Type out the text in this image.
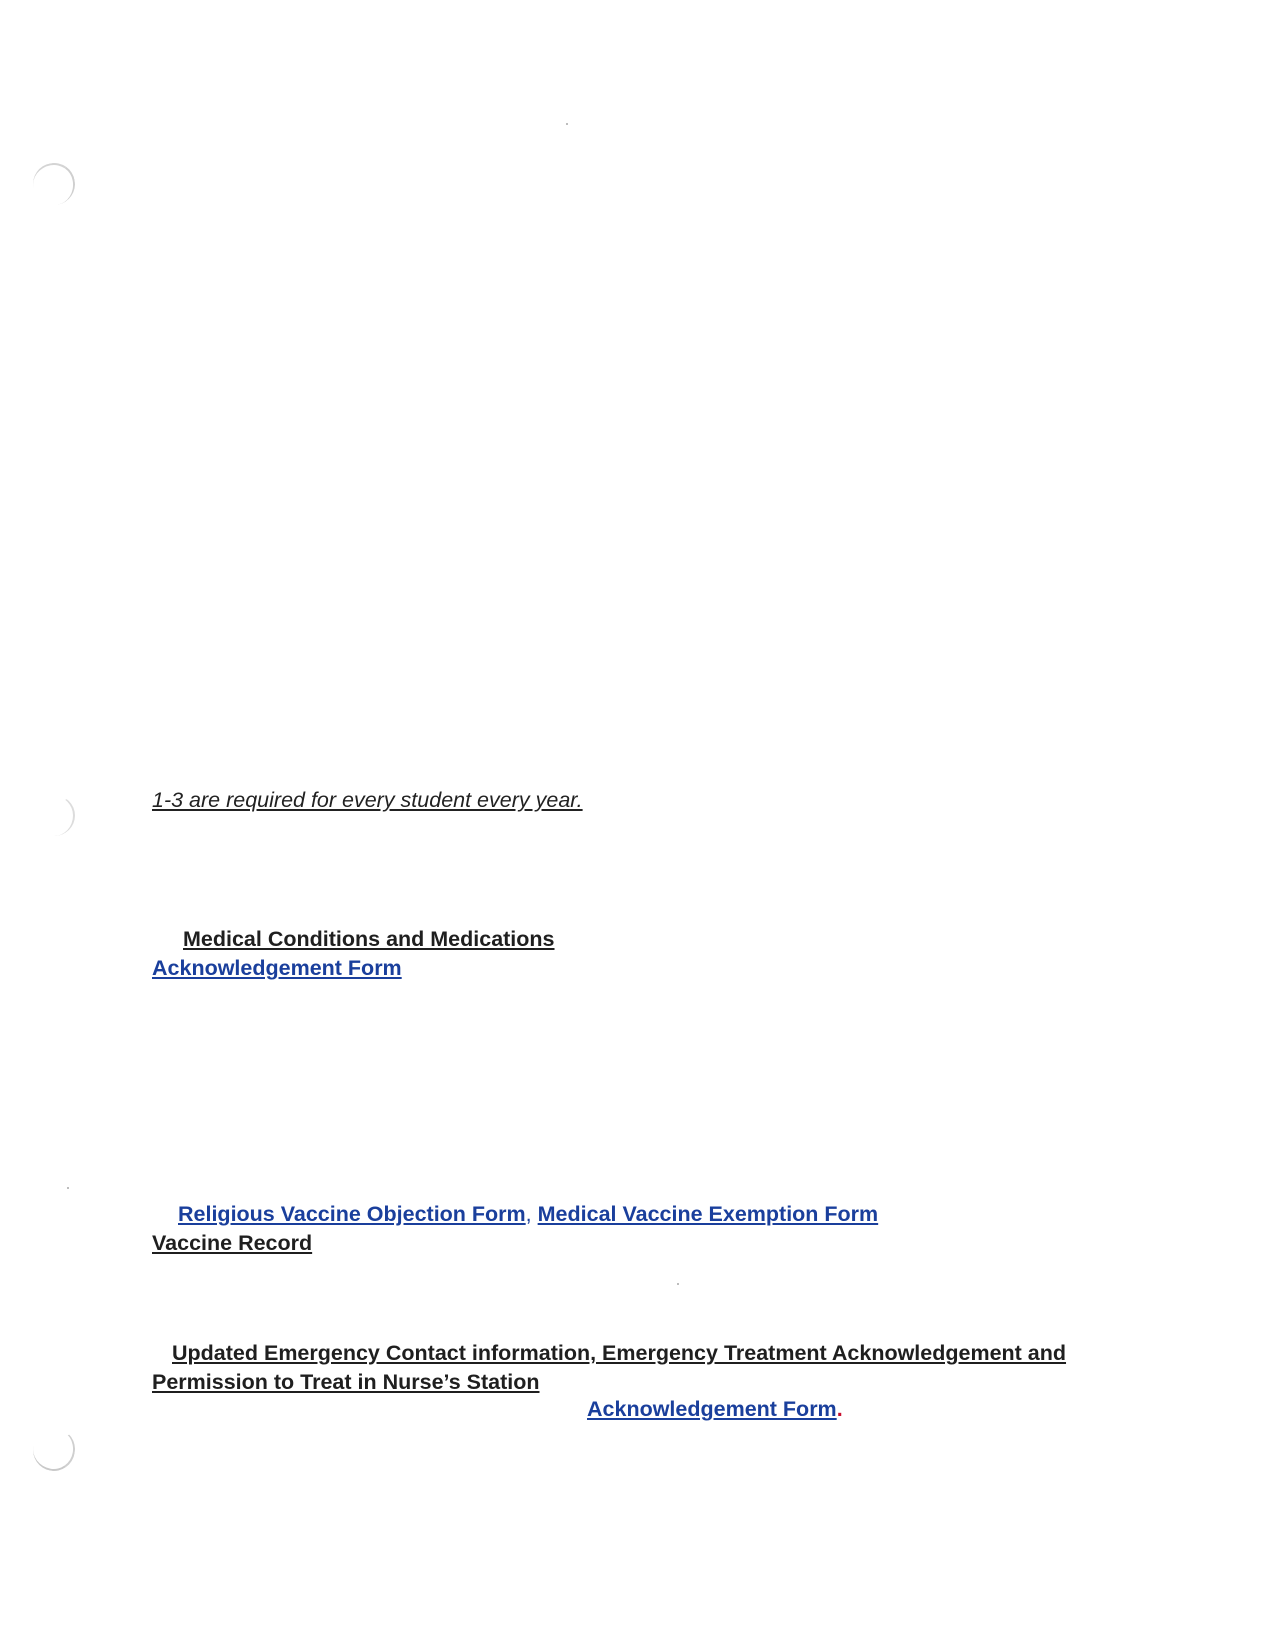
1-3 are required for every student every year.
Medical Conditions and Medications
Acknowledgement Form
Religious Vaccine Objection Form, Medical Vaccine Exemption Form
Vaccine Record
Updated Emergency Contact information, Emergency Treatment Acknowledgement and
Permission to Treat in Nurse’s Station
Acknowledgement Form.
